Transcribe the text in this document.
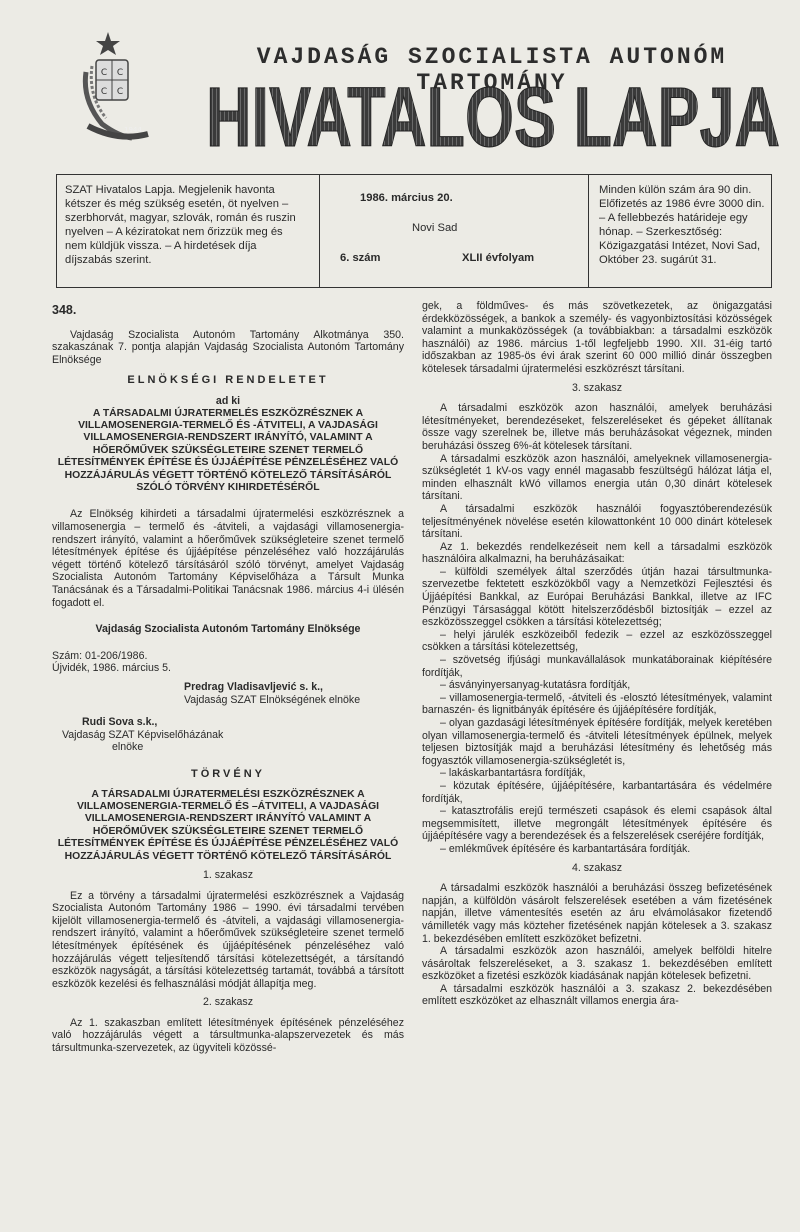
C C
C C
1944
VAJDASÁG SZOCIALISTA AUTONÓM TARTOMÁNY
HIVATALOS LAPJA
SZAT Hivatalos Lapja. Megjelenik havonta kétszer és még szükség esetén, öt nyelven – szerbhorvát, magyar, szlovák, román és ruszin nyelven – A kéziratokat nem őrizzük meg és nem küldjük vissza. – A hirdetések díja díjszabás szerint.
1986. március 20.
Novi Sad
6. szám	XLII évfolyam
Minden külön szám ára 90 din. Előfizetés az 1986 évre 3000 din. – A fellebbezés határideje egy hónap. – Szerkesztőség: Közigazgatási Intézet, Novi Sad, Október 23. sugárút 31.

348.

Vajdaság Szocialista Autonóm Tartomány Alkotmánya 350. szakaszának 7. pontja alapján Vajdaság Szocialista Autonóm Tartomány Elnöksége

ELNÖKSÉGI RENDELETET

ad ki

A TÁRSADALMI ÚJRATERMELÉS ESZKÖZRÉSZNEK A VILLAMOSENERGIA-TERMELŐ ÉS -ÁTVITELI, A VAJDASÁGI VILLAMOSENERGIA-RENDSZERT IRÁNYÍTÓ, VALAMINT A HŐERŐMŰVEK SZÜKSÉGLETEIRE SZENET TERMELŐ LÉTESÍTMÉNYEK ÉPÍTÉSE ÉS ÚJJÁÉPÍTÉSE PÉNZELÉSÉHEZ VALÓ HOZZÁJÁRULÁS VÉGETT TÖRTÉNŐ KÖTELEZŐ TÁRSÍTÁSÁRÓL SZÓLÓ TÖRVÉNY KIHIRDETÉSÉRŐL

Az Elnökség kihirdeti a társadalmi újratermelési eszközrésznek a villamosenergia – termelő és -átviteli, a vajdasági villamosenergia-rendszert irányító, valamint a hőerőművek szükségleteire szenet termelő létesítmények építése és újjáépítése pénzeléséhez való hozzájárulás végett történő kötelező társításáról szóló törvényt, amelyet Vajdaság Szocialista Autonóm Tartomány Képviselőháza a Társult Munka Tanácsának és a Társadalmi-Politikai Tanácsnak 1986. március 4-i ülésén fogadott el.

Vajdaság Szocialista Autonóm Tartomány Elnöksége

Szám: 01-206/1986.

Újvidék, 1986. március 5.

Predrag Vladisavljević s. k.,

Vajdaság SZAT Elnökségének elnöke

Rudi Sova s.k.,

Vajdaság SZAT Képviselőházának

elnöke

TÖRVÉNY

A TÁRSADALMI ÚJRATERMELÉSI ESZKÖZRÉSZNEK A VILLAMOSENERGIA-TERMELŐ ÉS –ÁTVITELI, A VAJDASÁGI VILLAMOSENERGIA-RENDSZERT IRÁNYÍTÓ VALAMINT A HŐERŐMŰVEK SZÜKSÉGLETEIRE SZENET TERMELŐ LÉTESÍTMÉNYEK ÉPÍTÉSE ÉS ÚJJÁÉPÍTÉSE PÉNZELÉSÉHEZ VALÓ HOZZÁJÁRULÁS VÉGETT TÖRTÉNŐ KÖTELEZŐ TÁRSÍTÁSÁRÓL

1. szakasz

Ez a törvény a társadalmi újratermelési eszközrésznek a Vajdaság Szocialista Autonóm Tartomány 1986 – 1990. évi társadalmi tervében kijelölt villamosenergia-termelő és -átviteli, a vajdasági villamosenergia-rendszert irányító, valamint a hőerőművek szükségleteire szenet termelő létesítmények építésének és újjáépítésének pénzeléséhez való hozzájárulás végett teljesítendő társítási kötelezettségét, a társítandó eszközök nagyságát, a társítási kötelezettség tartamát, továbbá a társított eszközök kezelési és felhasználási módját állapítja meg.

2. szakasz

Az 1. szakaszban említett létesítmények építésének pénzeléséhez való hozzájárulás végett a társultmunka-alapszervezetek és más társultmunka-szervezetek, az ügyviteli közössé-

gek, a földműves- és más szövetkezetek, az önigazgatási érdekközösségek, a bankok a személy- és vagyonbiztosítási közösségek valamint a munkaközösségek (a továbbiakban: a társadalmi eszközök használói) az 1986. március 1-től legfeljebb 1990. XII. 31-éig tartó időszakban az 1985-ös évi árak szerint 60 000 millió dinár összegben kötelesek társadalmi újratermelési eszközrészt társítani.

3. szakasz

A társadalmi eszközök azon használói, amelyek beruházási létesítményeket, berendezéseket, felszereléseket és gépeket állítanak össze vagy szerelnek be, illetve más beruházásokat végeznek, minden beruházási összeg 6%-át kötelesek társítani.

A társadalmi eszközök azon használói, amelyeknek villamosenergia-szükségletét 1 kV-os vagy ennél magasabb feszültségű hálózat látja el, minden elhasznált kWó villamos energia után 0,30 dinárt kötelesek társítani.

A társadalmi eszközök használói fogyasztóberendezésük teljesítményének növelése esetén kilowattonként 10 000 dinárt kötelesek társítani.

Az 1. bekezdés rendelkezéseit nem kell a társadalmi eszközök használóira alkalmazni, ha beruházásaikat:

– külföldi személyek által szerződés útján hazai társultmunka-szervezetbe fektetett eszközökből vagy a Nemzetközi Fejlesztési és Újjáépítési Bankkal, az Európai Beruházási Bankkal, illetve az IFC Pénzügyi Társasággal kötött hitelszerződésből biztosítják – ezzel az eszközösszeggel csökken a társítási kötelezettség;

– helyi járulék eszközeiből fedezik – ezzel az eszközösszeggel csökken a társítási kötelezettség,

– szövetség ifjúsági munkavállalások munkatáborainak kiépítésére fordítják,

– ásványinyersanyag-kutatásra fordítják,

– villamosenergia-termelő, -átviteli és -elosztó létesítmények, valamint barnaszén- és lignitbányák építésére és újjáépítésére fordítják,

– olyan gazdasági létesítmények építésére fordítják, melyek keretében olyan villamosenergia-termelő és -átviteli létesítmények épülnek, melyek teljesen biztosítják majd a beruházási létesítmény és lehetőség más fogyasztók villamosenergia-szükségletét is,

– lakáskarbantartásra fordítják,

– közutak építésére, újjáépítésére, karbantartására és védelmére fordítják,

– katasztrofális erejű természeti csapások és elemi csapások által megsemmisített, illetve megrongált létesítmények építésére és újjáépítésére vagy a berendezések és a felszerelések cseréjére fordítják,

– emlékművek építésére és karbantartására fordítják.

4. szakasz

A társadalmi eszközök használói a beruházási összeg befizetésének napján, a külföldön vásárolt felszerelések esetében a vám fizetésének napján, illetve vámentesítés esetén az áru elvámolásakor fizetendő vámilleték vagy más közteher fizetésének napján kötelesek a 3. szakasz 1. bekezdésében említett eszközöket befizetni.

A társadalmi eszközök azon használói, amelyek belföldi hitelre vásároltak felszereléseket, a 3. szakasz 1. bekezdésében említett eszközöket a fizetési eszközök kiadásának napján kötelesek befizetni.

A társadalmi eszközök használói a 3. szakasz 2. bekezdésében említett eszközöket az elhasznált villamos energia ára-
